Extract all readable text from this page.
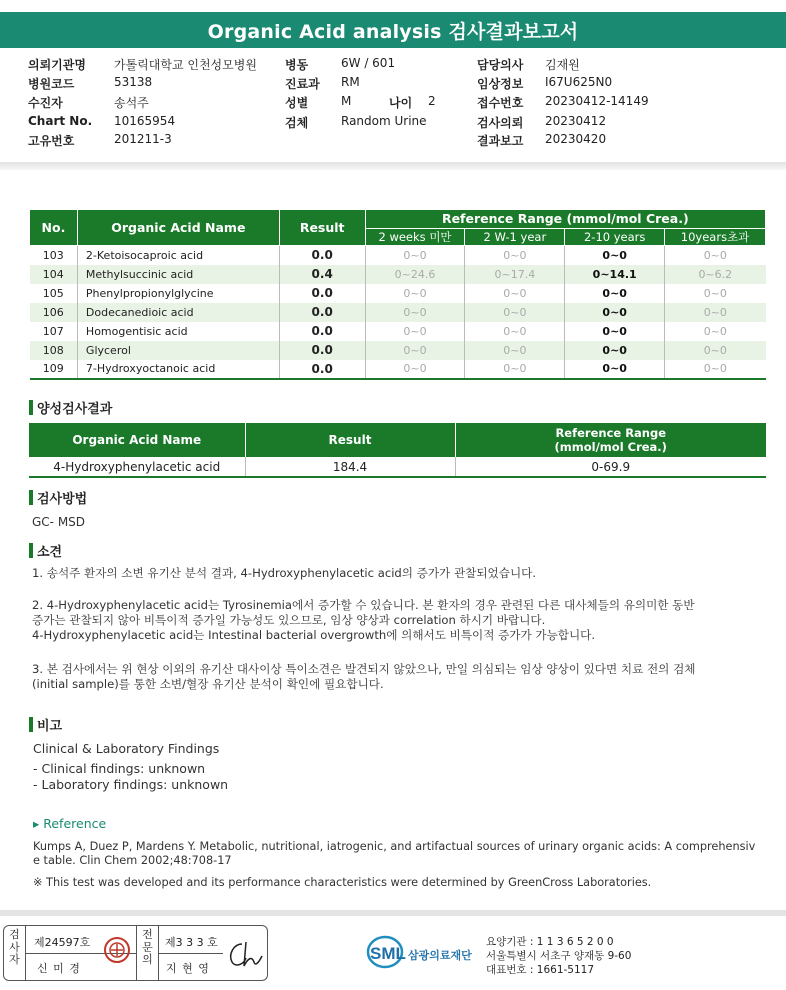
Organic Acid analysis 검사결과보고서
의뢰기관명 가톨릭대학교 인천성모병원 병동	6W / 601	담당의사 김재원
병원코드	53138	진료과 RM	임상정보 I67U625N0
수진자	송석주	성별	M	나이 2	접수번호 20230412-14149
Chart No. 10165954	검체	Random Urine	검사의뢰 20230412
고유번호	201211-3	결과보고 20230420
No.	Organic Acid Name	Result	Reference Range (mmol/mol Crea.)			
			2 weeks 미만	2 W-1 year	2-10 years	10years초과
103	2-Ketoisocaproic acid	0.0	0~0	0~0	0~0	0~0
104	Methylsuccinic acid	0.4	0~24.6	0~17.4	0~14.1	0~6.2
105	Phenylpropionylglycine	0.0	0~0	0~0	0~0	0~0
106	Dodecanedioic acid	0.0	0~0	0~0	0~0	0~0
107	Homogentisic acid	0.0	0~0	0~0	0~0	0~0
108	Glycerol	0.0	0~0	0~0	0~0	0~0
109	7-Hydroxyoctanoic acid	0.0	0~0	0~0	0~0	0~0
양성검사결과
Organic Acid Name	Result	Reference Range
(mmol/mol Crea.)

4-Hydroxyphenylacetic acid	184.4	0-69.9
검사방법
GC- MSD
소견
1. 송석주 환자의 소변 유기산 분석 결과, 4-Hydroxyphenylacetic acid의 증가가 관찰되었습니다.
2. 4-Hydroxyphenylacetic acid는 Tyrosinemia에서 증가할 수 있습니다. 본 환자의 경우 관련된 다른 대사체들의 유의미한 동반
증가는 관찰되지 않아 비특이적 증가일 가능성도 있으므로, 임상 양상과 correlation 하시기 바랍니다.
4-Hydroxyphenylacetic acid는 Intestinal bacterial overgrowth에 의해서도 비특이적 증가가 가능합니다.
3. 본 검사에서는 위 현상 이외의 유기산 대사이상 특이소견은 발견되지 않았으나, 만일 의심되는 임상 양상이 있다면 치료 전의 검체
(initial sample)를 통한 소변/혈장 유기산 분석이 확인에 필요합니다.
비고
Clinical & Laboratory Findings
- Clinical findings: unknown
- Laboratory findings: unknown
▸ Reference
Kumps A, Duez P, Mardens Y. Metabolic, nutritional, iatrogenic, and artifactual sources of urinary organic acids: A comprehensiv
e table. Clin Chem 2002;48:708-17
※ This test was developed and its performance characteristics were determined by GreenCross Laboratories.
검사자
제24597호
신 미 경
전문의
제3 3 3 호
지 현 영
SML 삼광의료재단
요양기관 : 1 1 3 6 5 2 0 0
서울특별시 서초구 양재동 9-60
대표번호 : 1661-5117
